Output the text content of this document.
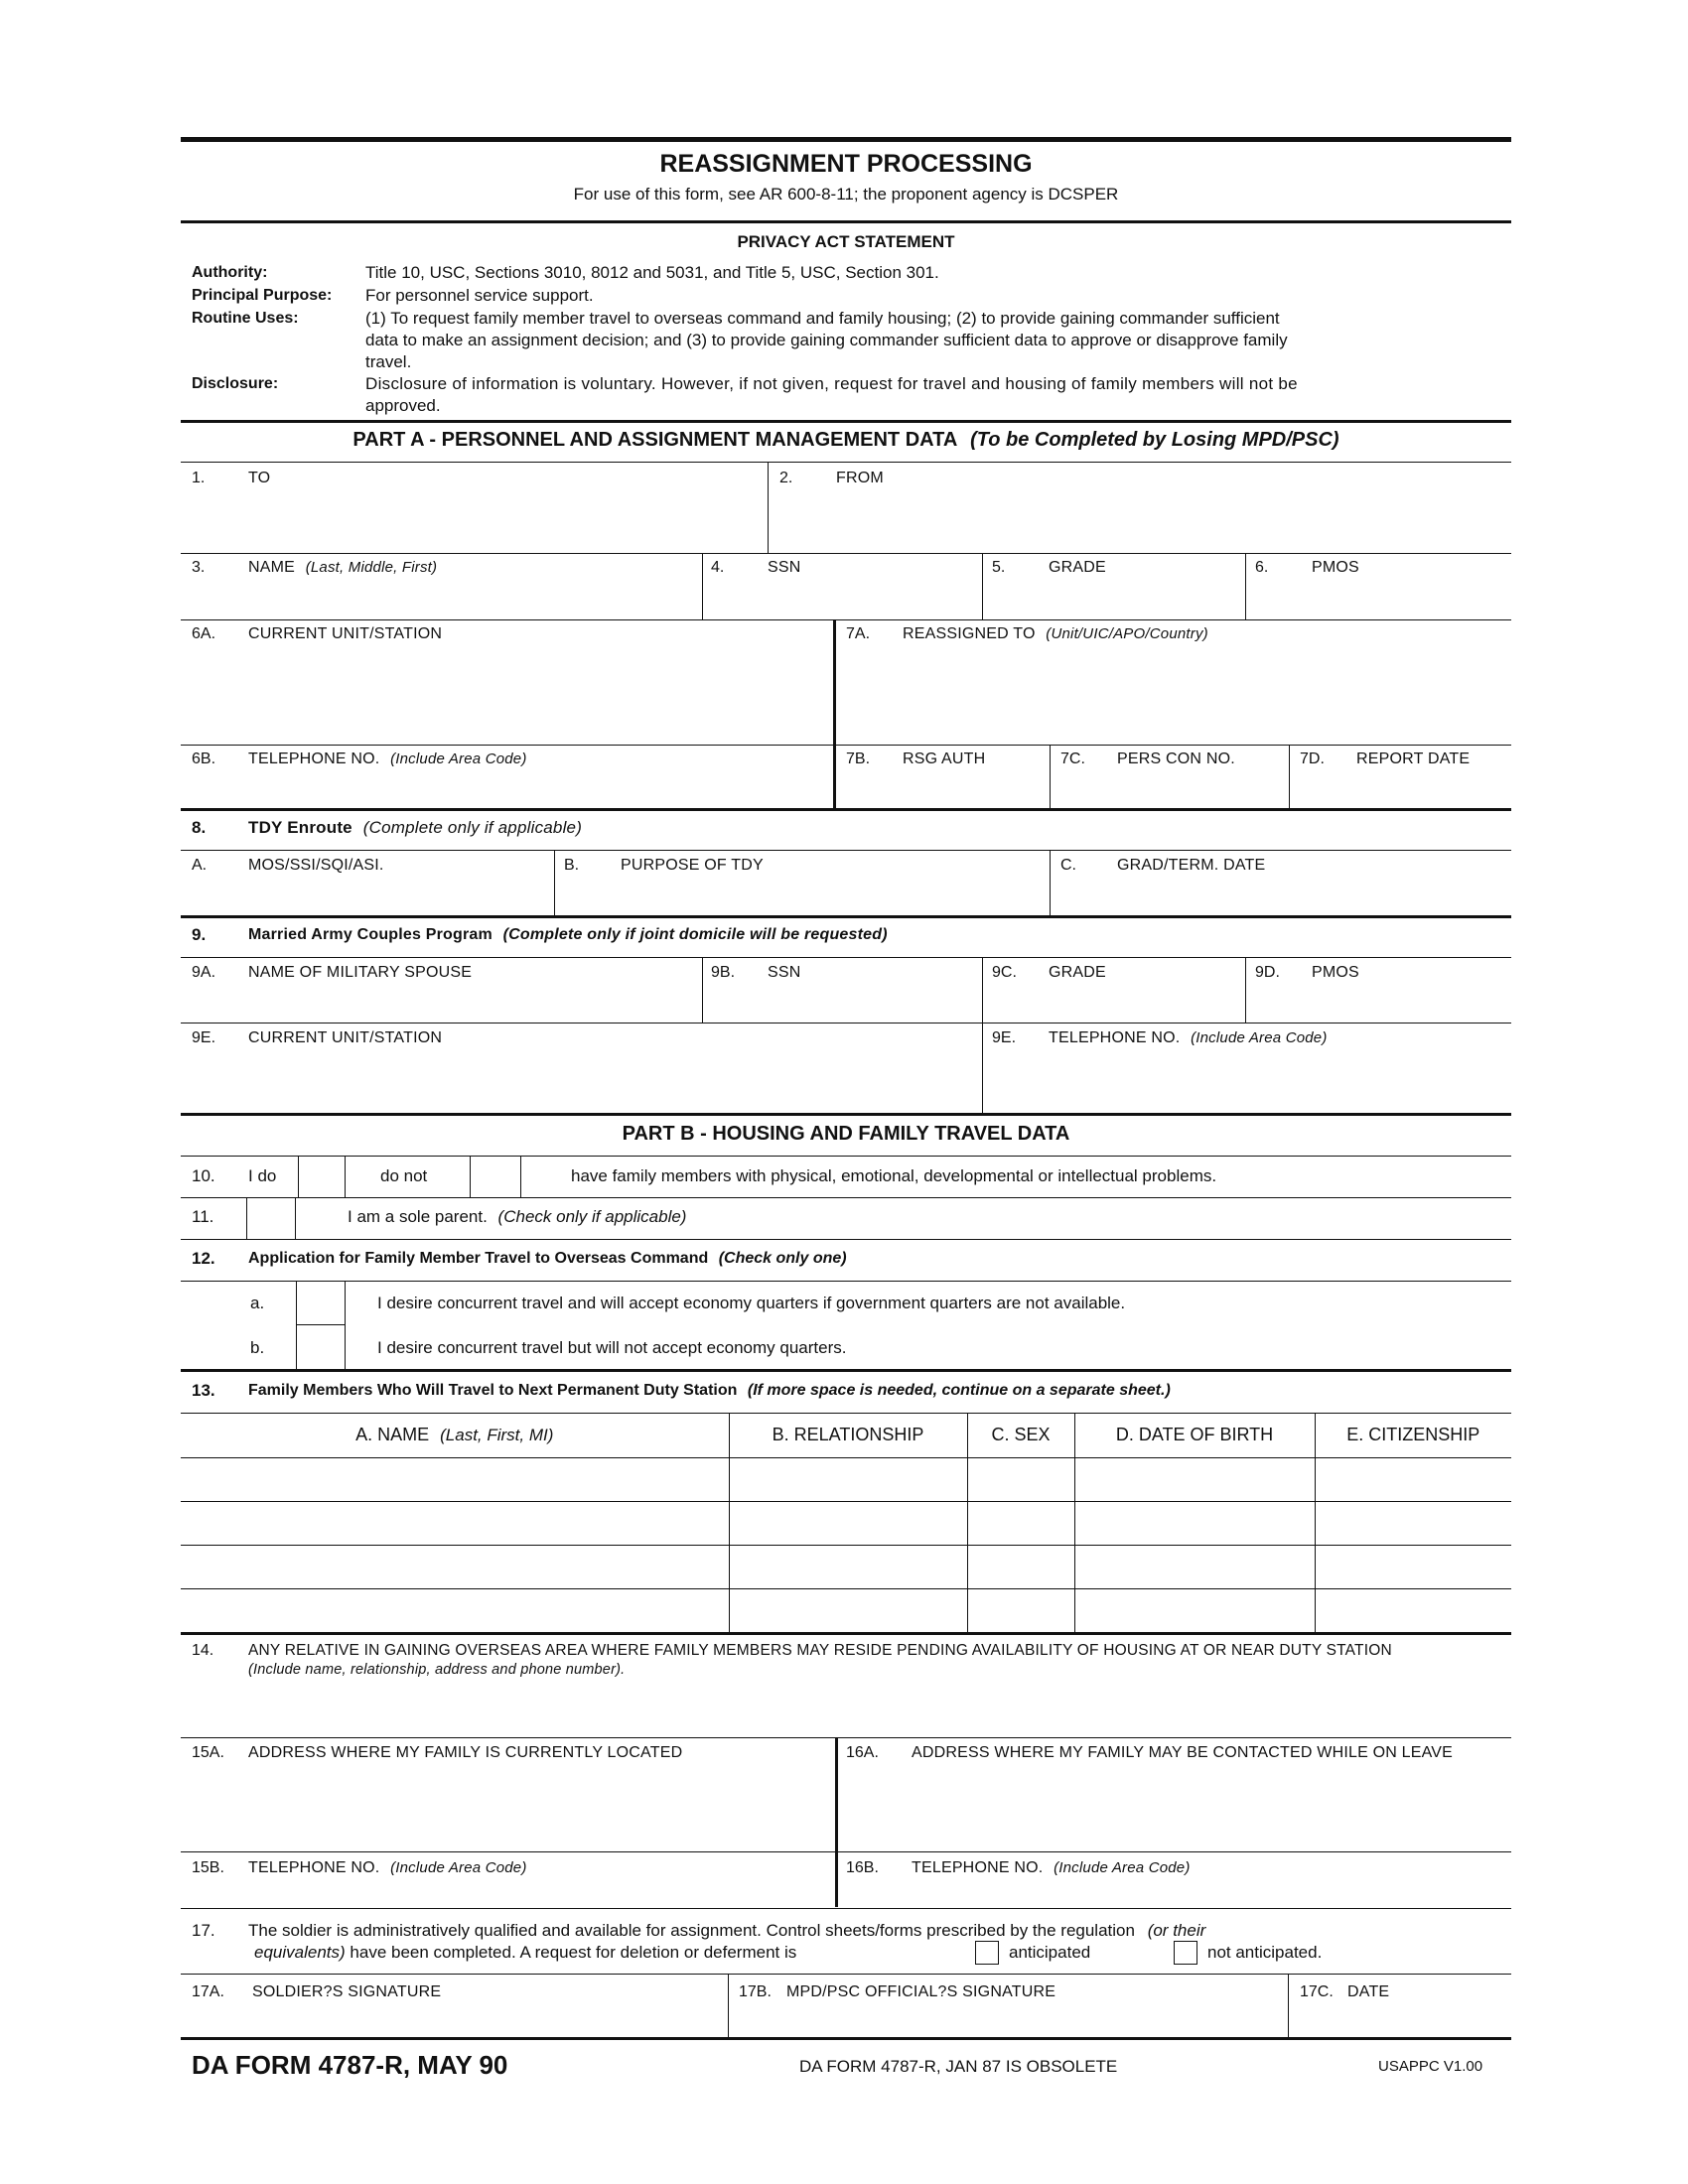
REASSIGNMENT PROCESSING
For use of this form, see AR 600-8-11; the proponent agency is DCSPER
PRIVACY ACT STATEMENT
Authority:	Title 10, USC, Sections 3010, 8012 and 5031, and Title 5, USC, Section 301.
Principal Purpose: For personnel service support.
Routine Uses:	(1) To request family member travel to overseas command and family housing; (2) to provide gaining commander sufficient
data to make an assignment decision; and (3) to provide gaining commander sufficient data to approve or disapprove family
travel.
Disclosure:	Disclosure of information is voluntary. However, if not given, request for travel and housing of family members will not be
approved.
PART A - PERSONNEL AND ASSIGNMENT MANAGEMENT DATA (To be Completed by Losing MPD/PSC)
1.	TO	2.	FROM
3.	NAME (Last, Middle, First)	4.	SSN	5.	GRADE	6.	PMOS
6A. CURRENT UNIT/STATION	7A. REASSIGNED TO (Unit/UIC/APO/Country)
6B. TELEPHONE NO. (Include Area Code)	7B. RSG AUTH	7C. PERS CON NO.	7D. REPORT DATE
8.	TDY Enroute (Complete only if applicable)
A.	MOS/SSI/SQI/ASI.	B.	PURPOSE OF TDY	C.	GRAD/TERM. DATE
9.	Married Army Couples Program (Complete only if joint domicile will be requested)
9A. NAME OF MILITARY SPOUSE	9B. SSN	9C. GRADE	9D. PMOS
9E. CURRENT UNIT/STATION	9E. TELEPHONE NO. (Include Area Code)
PART B - HOUSING AND FAMILY TRAVEL DATA
10. I do	do not	have family members with physical, emotional, developmental or intellectual problems.
11.	I am a sole parent. (Check only if applicable)
12. Application for Family Member Travel to Overseas Command (Check only one)
a.	I desire concurrent travel and will accept economy quarters if government quarters are not available.
b.	I desire concurrent travel but will not accept economy quarters.
13. Family Members Who Will Travel to Next Permanent Duty Station (If more space is needed, continue on a separate sheet.)
A. NAME (Last, First, MI)	B. RELATIONSHIP	C. SEX	D. DATE OF BIRTH	E. CITIZENSHIP

14. ANY RELATIVE IN GAINING OVERSEAS AREA WHERE FAMILY MEMBERS MAY RESIDE PENDING AVAILABILITY OF HOUSING AT OR NEAR DUTY STATION
(Include name, relationship, address and phone number).
15A. ADDRESS WHERE MY FAMILY IS CURRENTLY LOCATED	16A. ADDRESS WHERE MY FAMILY MAY BE CONTACTED WHILE ON LEAVE
15B. TELEPHONE NO. (Include Area Code)	16B. TELEPHONE NO. (Include Area Code)
17. The soldier is administratively qualified and available for assignment. Control sheets/forms prescribed by the regulation (or their
equivalents) have been completed. A request for deletion or deferment is	anticipated	not anticipated.
17A. SOLDIER?S SIGNATURE	17B. MPD/PSC OFFICIAL?S SIGNATURE	17C. DATE
DA FORM 4787-R, MAY 90	DA FORM 4787-R, JAN 87 IS OBSOLETE	USAPPC V1.00
